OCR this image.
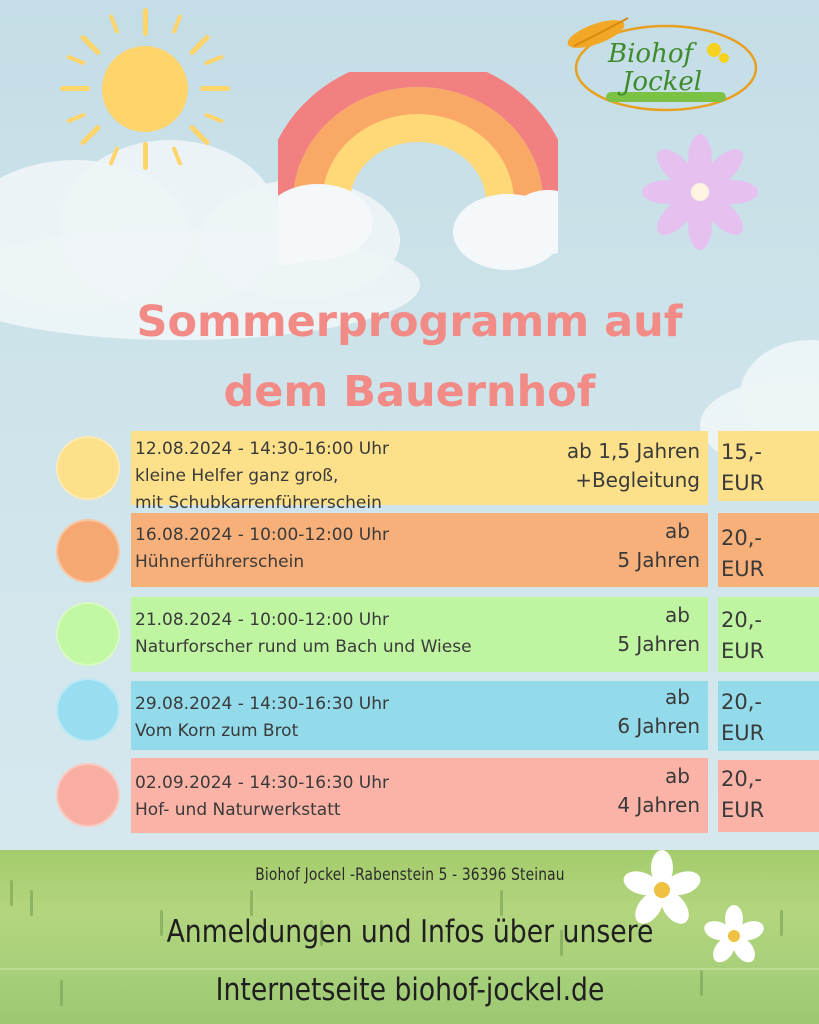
Biohof
Jockel
Sommerprogramm auf
dem Bauernhof
12.08.2024 - 14:30-16:00 Uhr
kleine Helfer ganz groß,
mit Schubkarrenführerschein
ab 1,5 Jahren
+Begleitung
15,-
EUR
16.08.2024 - 10:00-12:00 Uhr
Hühnerführerschein
ab
5 Jahren
20,-
EUR
21.08.2024 - 10:00-12:00 Uhr
Naturforscher rund um Bach und Wiese
ab
5 Jahren
20,-
EUR
29.08.2024 - 14:30-16:30 Uhr
Vom Korn zum Brot
ab
6 Jahren
20,-
EUR
02.09.2024 - 14:30-16:30 Uhr
Hof- und Naturwerkstatt
ab
4 Jahren
20,-
EUR
Biohof Jockel -Rabenstein 5 - 36396 Steinau
Anmeldungen und Infos über unsere
Internetseite biohof-jockel.de
